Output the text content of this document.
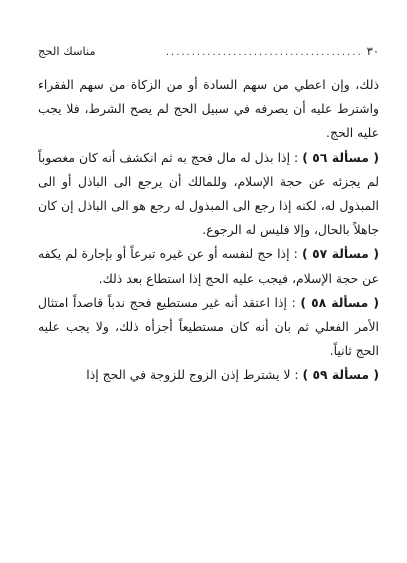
٣٠
......................................
مناسك الحج

ذلك، وإن اعطي من سهم السادة أو من الزكاة من سهم الفقراء واشترط عليه أن يصرفه في سبيل الحج لم يصح الشرط، فلا يجب عليه الحج.

( مسألة ٥٦ ) : إذا بذل له مال فحج به ثم انكشف أنه كان مغصوباً لم يجزئه عن حجة الإسلام، وللمالك أن يرجع الى الباذل أو الى المبذول له، لكنه إذا رجع الى المبذول له رجع هو الى الباذل إن كان جاهلاً بالحال، وإلا فليس له الرجوع.

( مسألة ٥٧ ) : إذا حج لنفسه أو عن غيره تبرعاً أو بإجارة لم يكفه عن حجة الإسلام، فيجب عليه الحج إذا استطاع بعد ذلك.

( مسألة ٥٨ ) : إذا اعتقد أنه غير مستطيع فحج ندباً قاصداً امتثال الأمر الفعلي ثم بان أنه كان مستطيعاً أجزأه ذلك، ولا يجب عليه الحج ثانياً.

( مسألة ٥٩ ) : لا يشترط إذن الزوج للزوجة في الحج إذا
